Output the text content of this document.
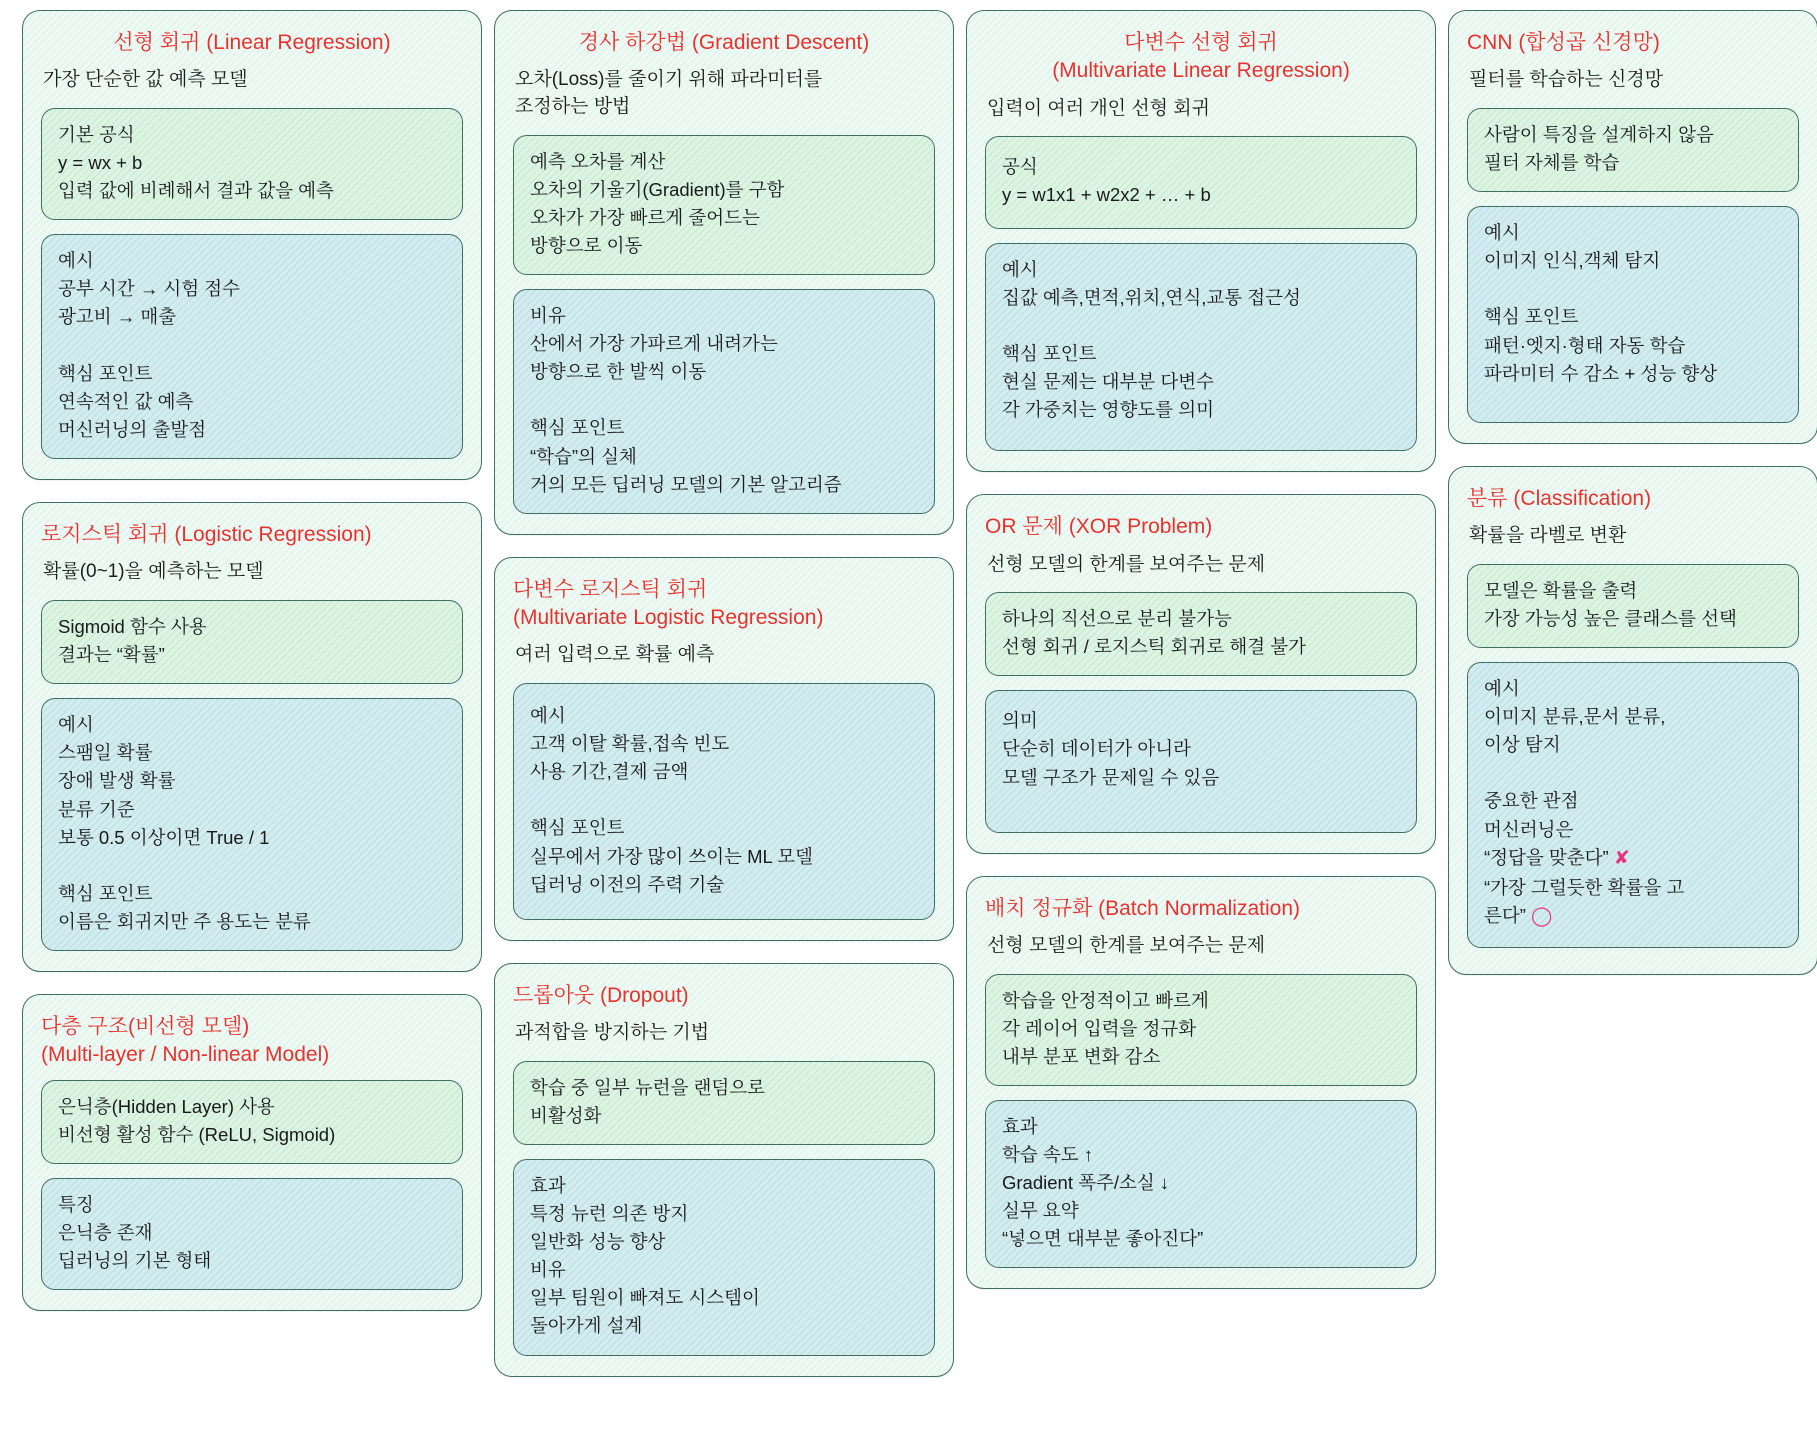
선형 회귀 (Linear Regression)
가장 단순한 값 예측 모델
기본 공식
y = wx + b
입력 값에 비례해서 결과 값을 예측
예시
공부 시간 → 시험 점수
광고비 → 매출

핵심 포인트
연속적인 값 예측
머신러닝의 출발점
로지스틱 회귀 (Logistic Regression)
확률(0~1)을 예측하는 모델
Sigmoid 함수 사용
결과는 “확률”
예시
스팸일 확률
장애 발생 확률
분류 기준
보통 0.5 이상이면 True / 1

핵심 포인트
이름은 회귀지만 주 용도는 분류
다층 구조(비선형 모델)
(Multi-layer / Non-linear Model)
은닉층(Hidden Layer) 사용
비선형 활성 함수 (ReLU, Sigmoid)
특징
은닉층 존재
딥러닝의 기본 형태
경사 하강법 (Gradient Descent)
오차(Loss)를 줄이기 위해 파라미터를
조정하는 방법
예측 오차를 계산
오차의 기울기(Gradient)를 구함
오차가 가장 빠르게 줄어드는
방향으로 이동
비유
산에서 가장 가파르게 내려가는
방향으로 한 발씩 이동

핵심 포인트
“학습”의 실체
거의 모든 딥러닝 모델의 기본 알고리즘
다변수 로지스틱 회귀
(Multivariate Logistic Regression)
여러 입력으로 확률 예측
예시
고객 이탈 확률,접속 빈도
사용 기간,결제 금액

핵심 포인트
실무에서 가장 많이 쓰이는 ML 모델
딥러닝 이전의 주력 기술
드롭아웃 (Dropout)
과적합을 방지하는 기법
학습 중 일부 뉴런을 랜덤으로
비활성화
효과
특정 뉴런 의존 방지
일반화 성능 향상
비유
일부 팀원이 빠져도 시스템이
돌아가게 설계
다변수 선형 회귀
(Multivariate Linear Regression)
입력이 여러 개인 선형 회귀
공식
y = w1x1 + w2x2 + … + b
예시
집값 예측,면적,위치,연식,교통 접근성

핵심 포인트
현실 문제는 대부분 다변수
각 가중치는 영향도를 의미
OR 문제 (XOR Problem)
선형 모델의 한계를 보여주는 문제
하나의 직선으로 분리 불가능
선형 회귀 / 로지스틱 회귀로 해결 불가
의미
단순히 데이터가 아니라
모델 구조가 문제일 수 있음
배치 정규화 (Batch Normalization)
선형 모델의 한계를 보여주는 문제
학습을 안정적이고 빠르게
각 레이어 입력을 정규화
내부 분포 변화 감소
효과
학습 속도 ↑
Gradient 폭주/소실 ↓
실무 요약
“넣으면 대부분 좋아진다”
CNN (합성곱 신경망)
필터를 학습하는 신경망
사람이 특징을 설계하지 않음
필터 자체를 학습
예시
이미지 인식,객체 탐지

핵심 포인트
패턴·엣지·형태 자동 학습
파라미터 수 감소 + 성능 향상
분류 (Classification)
확률을 라벨로 변환
모델은 확률을 출력
가장 가능성 높은 클래스를 선택
예시
이미지 분류,문서 분류,
이상 탐지

중요한 관점
머신러닝은
“정답을 맞춘다” ✘
“가장 그럴듯한 확률을 고
른다” ◯
